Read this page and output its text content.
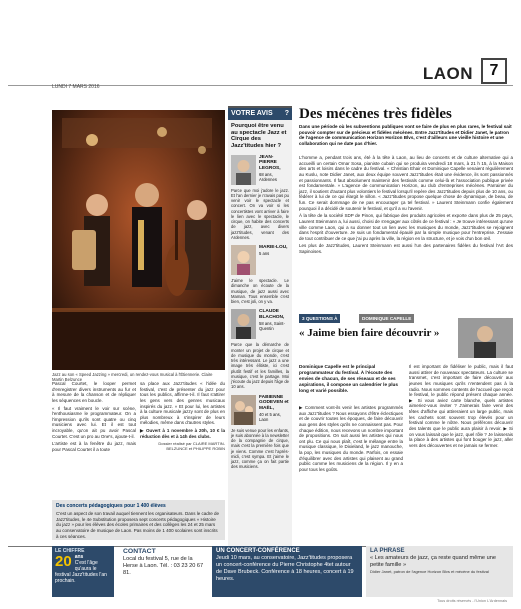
LUNDI 7 MARS 2016
LAON	7
Jazz au son « Speed Jazzing » mercredi, un rendez-vous musical à l'Étiennerie. Claire Martin Belzunce

Pascal Courtet, le looper permet d'enregistrer divers instruments au fur et à mesure de la chanson et de répliquer les séquences en boucle.

« Il faut vraiment le voir sur scène, l'enthousiasme le programmateur. On a l'impression qu'ils sont quatre ou cinq musiciens avec lui. Et il est tout incroyable, qu'on ait pu avoir Pascal Courtet. C'est un pro au One's, ajoute-t-il.

L'artiste est à la fenêtre du jazz, mais pour Pascal Courtet il a toute

sa place aux Jazz'titudes « l'idée du festival, c'est de présenter du jazz pour tous les publics, affirme-t-il. Il faut s'attirer les gens vers des genres musicaux inspirés du jazz. » Et pour lui, les artistes à la culture musicale jazzy sont de plus en plus nombreux à s'inspirer de leurs mélodies, même dans d'autres styles.

▶ Ouvert à 1 novembre à 20h, 10 € la réduction dès et à 14h des clubs.

Dossier réalisé par CLAIRE MARTIN-BELZUNCE et PHILIPPE ROBIN

Des concerts pédagogiques pour 1 400 élèves
C'est un aspect de son travail auquel tiennent les organisateurs. Dans le cadre de Jazz'titudes, le 4e Substitution proposera sept concerts pédagogiques « Histoire du jazz » pour les élèves des écoles primaires et des collèges les 24 et 25 mars au conservatoire de musique de Laon. Pas moins de 1 400 scolaires sont inscrits à ces séances.
VOTRE AVIS ?
Pourquoi être venu au spectacle Jazz et Cirque des Jazz'titudes hier ?
JEAN-PIERRE LEGROS,
68 ans, Ardennes
Parce que moi j'adore le jazz. Et l'an dernier je n'avais pas pu venir voir le spectacle et concert. On va voir si les concertistes vont arriver à faire le lien avec le spectacle, le cirque, on habite des concerts de jazz, avec divers jazz'titudes, venant des Ardennes.
MARIE-LOU,
5 ans
J'aime le spectacle. Le dimanche on écoute de la musique, de jazz aussi avec Maman. Tous ensemble c'est bien, c'est joli, on y va.
CLAUDE BLACHON,
58 ans, Saint-Quentin
Parce que la démarche de monter un projet de cirque et de musique du monde, c'est très intéressant. Le jazz a une image très élitiste, ici c'est plutôt festif et les familles, la musique, c'est le partage. Moi j'écoute du jazz depuis l'âge de 10 ans.
FABIENNE GODEVEN et MAËL,
40 et 5 ans, Laon
Je suis venue pour les enfants, je suis abonnée à la newsletter de la compagnie de cirque, mais c'est la première fois que je viens. Comme c'est l'après-midi, c'est sympa. Et j'aime le jazz, comme ça on fait partie des musiciens.
Des mécènes très fidèles
Dans une période où les subventions publiques vont se faire de plus en plus rares, le festival sait pouvoir compter sur de précieux et fidèles mécènes. Entre Jazz'titudes et Didier Janet, le patron de l'agence de communication Horizon Horizon Blvs, c'est d'ailleurs une vieille histoire et une collaboration qui ne date pas d'hier.

L'homme a, pendant trois ans, été à la tête à Laon, au lieu de concerts et de culture alternative qui a accueilli un certain Omar Sosa, pianiste cubain qui se produira vendredi 18 mars, à 21 h 15, à la Maison des arts et loisirs dans le cadre du festival. « Christian Ehair et Dominique Capelle venaient régulièrement au Kuslu, note Didier Janet, aux deux équipe souvent Jazz'titudes était une évidence, ils sont passionnés et passionnants. Il faut absolument maintenir des festivals comme celui-là et l'association publique privée est fondamentale. » L'agence de communication Horizon, au club d'entreprises mécènes. Parrainer du jazz, il soutient d'autant plus volontiers le festival lorsqu'il repère des Jazz'titudes depuis plus de 10 ans, ou fédérer à lui de ce qui élargit le sillon. « Jazz'titudes propose quelque chose de dynamique, de beau, de fun. Ce serait dommage de ne pas encourager ça tel festival. » Laurent Steinmann confie également pourquoi il a décidé de soutenir le festival, et qu'il a vu l'avenir.

À la tête de la société SDP de Pinon, qui fabrique des produits agricoles et exporte dans plus de 25 pays, Laurent Steinmann a, lui aussi, choisi de s'engager aux côtés de ce festival : « Je trouve intéressant qu'une ville comme Laon, qui a su donner tout un lien avec les musiques du monde, Jazz'titudes se rejoignent dans l'esprit d'ouverture. Je suis un fondamental épaulé par la simple musique pour l'entreprise. J'essaie de tout contribuer de ce que j'ai pu après la ville, la région en la structure, et je vois d'un bon œil.

Les plus de Jazz'titudes, Laurent Steinmann est aussi l'un des partenaires fidèles du festival l'Art des Sapinoises.

3 QUESTIONS À	DOMINIQUE CAPELLE
« Jaime bien faire découvrir »
Dominique Capelle est le principal programmateur du festival. À l'écoute des envies de chacun, de ses réseaux et de ses aspirations, il compose un calendrier le plus long et varié possible.

▶ Comment vont-ils venir les artistes programmés aux Jazz'titudes ? Nous essayons d'être éclectiques et de couvrir toutes les époques, de faire découvrir aux gens des styles qu'ils ne connaissent pas. Pour chaque édition, nous recevons un nombre important de propositions. On suit aussi les artistes qui nous ont plu. Ce qui nous plaît, c'est le mélange entre la musique classique, le Dixieland, le jazz manouche, la pop, les musiques du monde. Parfois, on essaie d'équilibrer avec des artistes qui plaisent au grand public comme les musiciens de la région. Il y en a pour tous les goûts.

Il est important de fidéliser le public, mais il faut aussi attirer de nouveaux spectateurs. La culture se transmet, c'est important de faire découvrir aux jeunes les musiques qu'ils n'entendent pas à la radio. Nous sommes contents de l'accueil que reçoit le festival, le public répond présent chaque année. ▶ Si vous aviez carte blanche, quels artistes aimeriez-vous inviter ? J'aimerais faire venir des têtes d'affiche qui attireraient un large public, mais les cachets sont souvent trop élevés pour un festival comme le nôtre. Nous préférons découvrir des talents que le public aura plaisir à revoir. ▶ Si on vous laissait que le jazz, quel rôle ? Je laisserais la place à des artistes qui font bouger le jazz, aller vers des découvertes et ne jamais se fermer.

LE CHIFFRE
20 ans
C'est l'âge qu'aura le festival Jazz'titudes l'an prochain.
CONTACT
Local du festival 5, rue de la Herse à Laon. Tél. : 03 23 20 67 81.
UN CONCERT-CONFÉRENCE
Jeudi 10 mars, au conservatoire, Jazz'titudes proposera un concert-conférence du Pierre Christophe 4tet autour de Dave Brubeck. Conférence à 18 heures, concert à 19 heures.
LA PHRASE
« Les amateurs de jazz, ça reste quand même une petite famille »
Didier Janet, patron de l'agence Horizon Blvs et mécène du festival
Tous droits réservés - l'Union L'Ardennais
